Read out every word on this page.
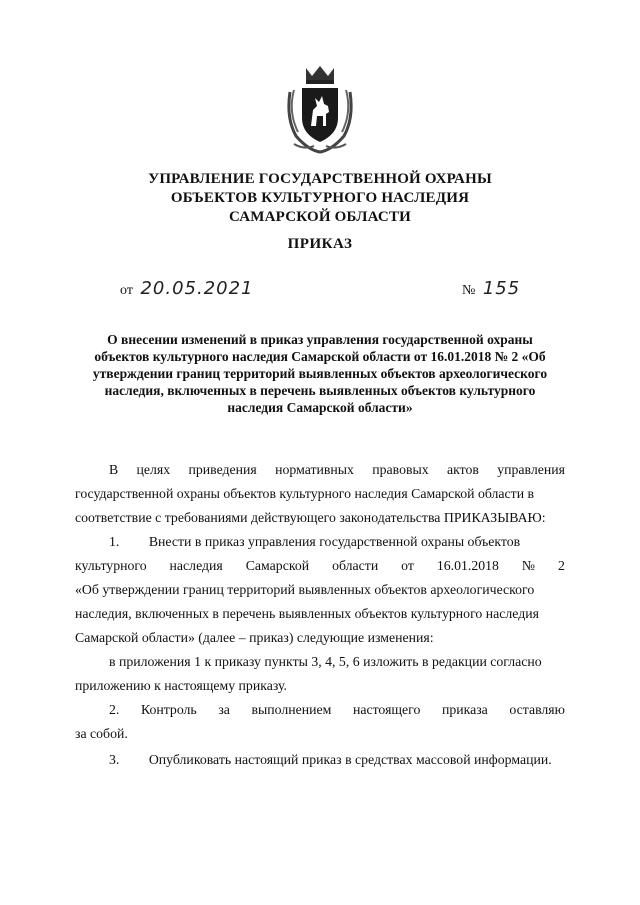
УПРАВЛЕНИЕ ГОСУДАРСТВЕННОЙ ОХРАНЫ
ОБЪЕКТОВ КУЛЬТУРНОГО НАСЛЕДИЯ
САМАРСКОЙ ОБЛАСТИ
ПРИКАЗ
от 20.05.2021	№ 155
О внесении изменений в приказ управления государственной охраны
объектов культурного наследия Самарской области от 16.01.2018 № 2 «Об
утверждении границ территорий выявленных объектов археологического
наследия, включенных в перечень выявленных объектов культурного
наследия Самарской области»
В целях приведения нормативных правовых актов управления
государственной охраны объектов культурного наследия Самарской области в
соответствие с требованиями действующего законодательства ПРИКАЗЫВАЮ:
1. Внести в приказ управления государственной охраны объектов
культурного наследия Самарской области от 16.01.2018 № 2
«Об утверждении границ территорий выявленных объектов археологического
наследия, включенных в перечень выявленных объектов культурного наследия
Самарской области» (далее – приказ) следующие изменения:
в приложения 1 к приказу пункты 3, 4, 5, 6 изложить в редакции согласно
приложению к настоящему приказу.
2. Контроль за выполнением настоящего приказа оставляю
за собой.
3. Опубликовать настоящий приказ в средствах массовой информации.
